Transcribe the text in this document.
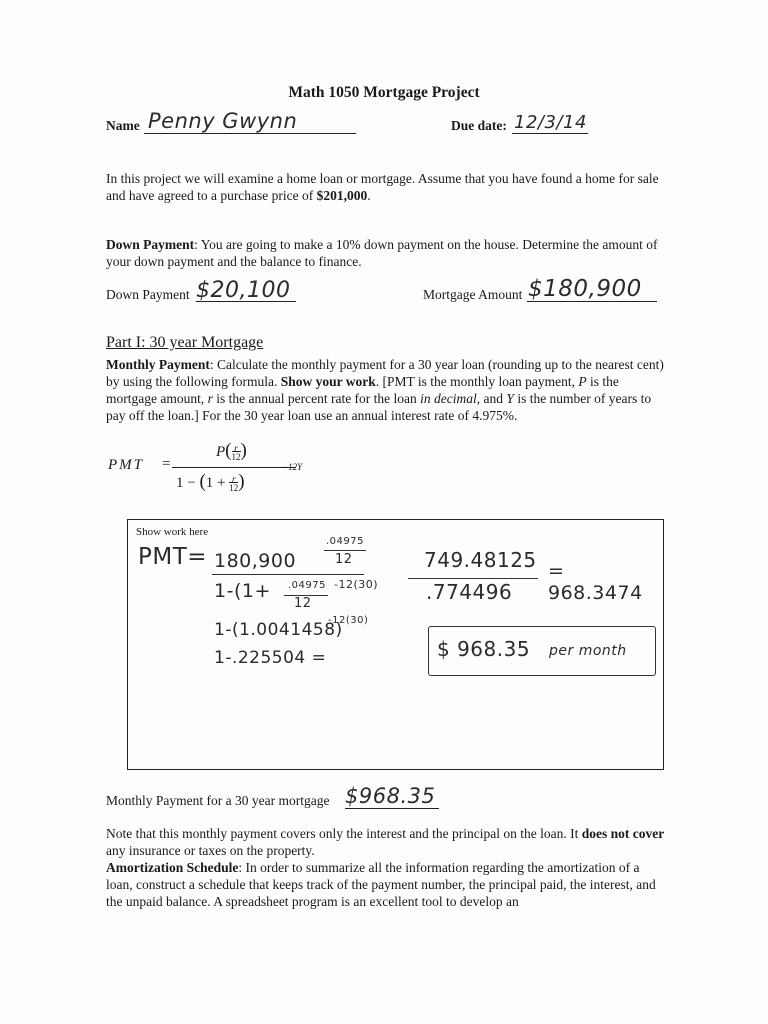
Math 1050 Mortgage Project
Name Penny Gwynn	Due date: 12/3/14
In this project we will examine a home loan or mortgage. Assume that you have found a home for sale and have agreed to a purchase price of $201,000.
Down Payment: You are going to make a 10% down payment on the house. Determine the amount of your down payment and the balance to finance.
Down Payment $20,100	Mortgage Amount $180,900
Part I: 30 year Mortgage
Monthly Payment: Calculate the monthly payment for a 30 year loan (rounding up to the nearest cent) by using the following formula. Show your work. [PMT is the monthly loan payment, P is the mortgage amount, r is the annual percent rate for the loan in decimal, and Y is the number of years to pay off the loan.] For the 30 year loan use an annual interest rate of 4.975%.
PMT =
$P(\frac{r}{12})$
$1 - (1 + \frac{r}{12})$
−12Y
Show work here
PMT= 180,900
.04975
12
1-(1+ .04975
12
-12(30)
1-(1.0041458)
-12(30)
1-.225504 =
749.48125
.774496
= 968.3474
$ 968.35 per month
Monthly Payment for a 30 year mortgage $968.35
Note that this monthly payment covers only the interest and the principal on the loan. It does not cover any insurance or taxes on the property.
Amortization Schedule: In order to summarize all the information regarding the amortization of a loan, construct a schedule that keeps track of the payment number, the principal paid, the interest, and the unpaid balance. A spreadsheet program is an excellent tool to develop an
